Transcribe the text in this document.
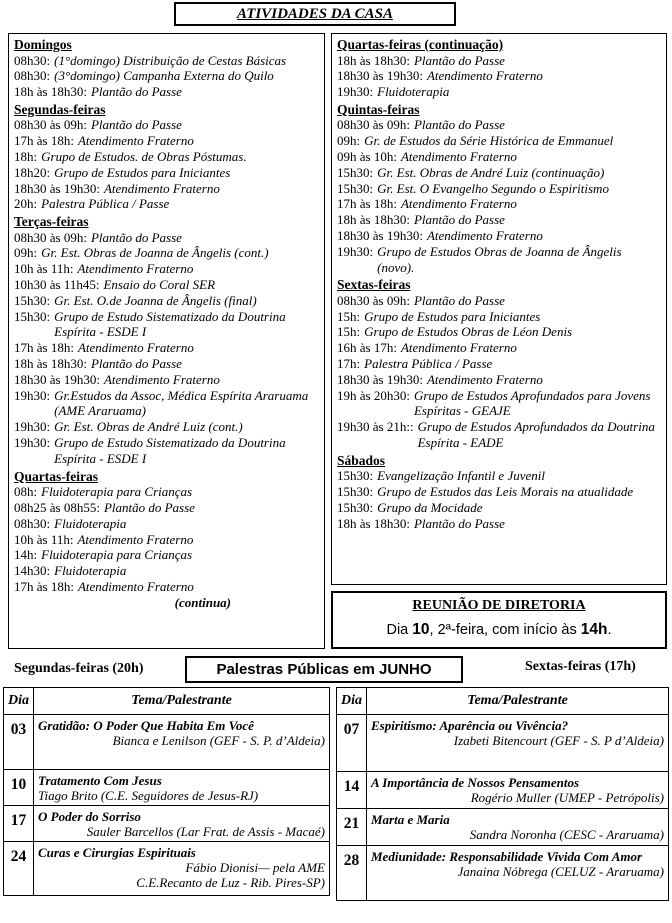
ATIVIDADES DA CASA
Domingos
08h30: (1°domingo) Distribuição de Cestas Básicas
08h30: (3°domingo) Campanha Externa do Quilo
18h às 18h30: Plantão do Passe
Segundas-feiras
08h30 às 09h: Plantão do Passe
17h às 18h: Atendimento Fraterno
18h: Grupo de Estudos. de Obras Póstumas.
18h20: Grupo de Estudos para Iniciantes
18h30 às 19h30: Atendimento Fraterno
20h: Palestra Pública / Passe
Terças-feiras
08h30 às 09h: Plantão do Passe
09h: Gr. Est. Obras de Joanna de Ângelis (cont.)
10h às 11h: Atendimento Fraterno
10h30 às 11h45: Ensaio do Coral SER
15h30: Gr. Est. O.de Joanna de Ângelis (final)
15h30: Grupo de Estudo Sistematizado da Doutrina Espírita - ESDE I
17h às 18h: Atendimento Fraterno
18h às 18h30: Plantão do Passe
18h30 às 19h30: Atendimento Fraterno
19h30: Gr.Estudos da Assoc, Médica Espírita Araruama (AME Araruama)
19h30: Gr. Est. Obras de André Luiz (cont.)
19h30: Grupo de Estudo Sistematizado da Doutrina Espírita - ESDE I
Quartas-feiras
08h: Fluidoterapia para Crianças
08h25 às 08h55: Plantão do Passe
08h30: Fluidoterapia
10h às 11h: Atendimento Fraterno
14h: Fluidoterapia para Crianças
14h30: Fluidoterapia
17h às 18h: Atendimento Fraterno
(continua)
Quartas-feiras (continuação)
18h às 18h30: Plantão do Passe
18h30 às 19h30: Atendimento Fraterno
19h30: Fluidoterapia
Quintas-feiras
08h30 às 09h: Plantão do Passe
09h: Gr. de Estudos da Série Histórica de Emmanuel
09h às 10h: Atendimento Fraterno
15h30: Gr. Est. Obras de André Luiz (continuação)
15h30: Gr. Est. O Evangelho Segundo o Espiritismo
17h às 18h: Atendimento Fraterno
18h às 18h30: Plantão do Passe
18h30 às 19h30: Atendimento Fraterno
19h30: Grupo de Estudos Obras de Joanna de Ângelis (novo).
Sextas-feiras
08h30 às 09h: Plantão do Passe
15h: Grupo de Estudos para Iniciantes
15h: Grupo de Estudos Obras de Léon Denis
16h às 17h: Atendimento Fraterno
17h: Palestra Pública / Passe
18h30 às 19h30: Atendimento Fraterno
19h às 20h30: Grupo de Estudos Aprofundados para Jovens Espíritas - GEAJE
19h30 às 21h:: Grupo de Estudos Aprofundados da Doutrina Espírita - EADE
Sábados
15h30: Evangelização Infantil e Juvenil
15h30: Grupo de Estudos das Leis Morais na atualidade
15h30: Grupo da Mocidade
18h às 18h30: Plantão do Passe
REUNIÃO DE DIRETORIA
Dia 10, 2ª-feira, com início às 14h.
Segundas-feiras (20h)	Palestras Públicas em JUNHO	Sextas-feiras (17h)
Dia	Tema/Palestrante
03	Gratidão: O Poder Que Habita Em Você
Bianca e Lenilson (GEF - S. P. d’Aldeia)

10	Tratamento Com Jesus
Tiago Brito (C.E. Seguidores de Jesus-RJ)

17	O Poder do Sorriso
Sauler Barcellos (Lar Frat. de Assis - Macaé)

24	Curas e Cirurgias Espirituais
Fábio Dionisi— pela AME
C.E.Recanto de Luz - Rib. Pires-SP)
Dia	Tema/Palestrante
07	Espiritismo: Aparência ou Vivência?
Izabeti Bitencourt (GEF - S. P d’Aldeia)

14	A Importância de Nossos Pensamentos
Rogério Muller (UMEP - Petrópolis)

21	Marta e Maria
Sandra Noronha (CESC - Araruama)

28	Mediunidade: Responsabilidade Vivida Com Amor
Janaina Nóbrega (CELUZ - Araruama)
